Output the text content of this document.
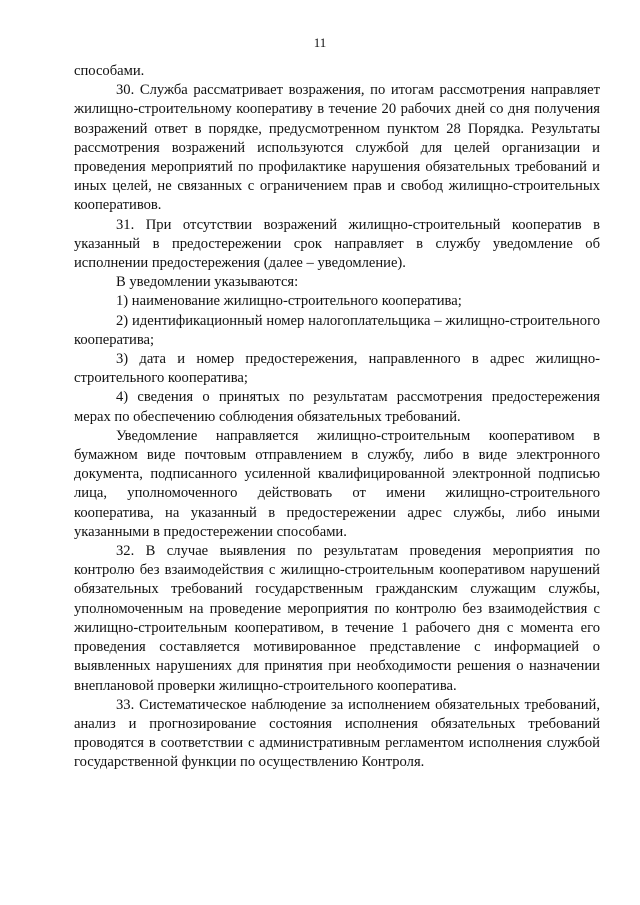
11

способами.

30. Служба рассматривает возражения, по итогам рассмотрения направляет жилищно-строительному кооперативу в течение 20 рабочих дней со дня получения возражений ответ в порядке, предусмотренном пунктом 28 Порядка. Результаты рассмотрения возражений используются службой для целей организации и проведения мероприятий по профилактике нарушения обязательных требований и иных целей, не связанных с ограничением прав и свобод жилищно-строительных кооперативов.

31. При отсутствии возражений жилищно-строительный кооператив в указанный в предостережении срок направляет в службу уведомление об исполнении предостережения (далее – уведомление).

В уведомлении указываются:

1) наименование жилищно-строительного кооператива;

2) идентификационный номер налогоплательщика – жилищно-строительного кооператива;

3) дата и номер предостережения, направленного в адрес жилищно-строительного кооператива;

4) сведения о принятых по результатам рассмотрения предостережения мерах по обеспечению соблюдения обязательных требований.

Уведомление направляется жилищно-строительным кооперативом в бумажном виде почтовым отправлением в службу, либо в виде электронного документа, подписанного усиленной квалифицированной электронной подписью лица, уполномоченного действовать от имени жилищно-строительного кооператива, на указанный в предостережении адрес службы, либо иными указанными в предостережении способами.

32. В случае выявления по результатам проведения мероприятия по контролю без взаимодействия с жилищно-строительным кооперативом нарушений обязательных требований государственным гражданским служащим службы, уполномоченным на проведение мероприятия по контролю без взаимодействия с жилищно-строительным кооперативом, в течение 1 рабочего дня с момента его проведения составляется мотивированное представление с информацией о выявленных нарушениях для принятия при необходимости решения о назначении внеплановой проверки жилищно-строительного кооператива.

33. Систематическое наблюдение за исполнением обязательных требований, анализ и прогнозирование состояния исполнения обязательных требований проводятся в соответствии с административным регламентом исполнения службой государственной функции по осуществлению Контроля.
